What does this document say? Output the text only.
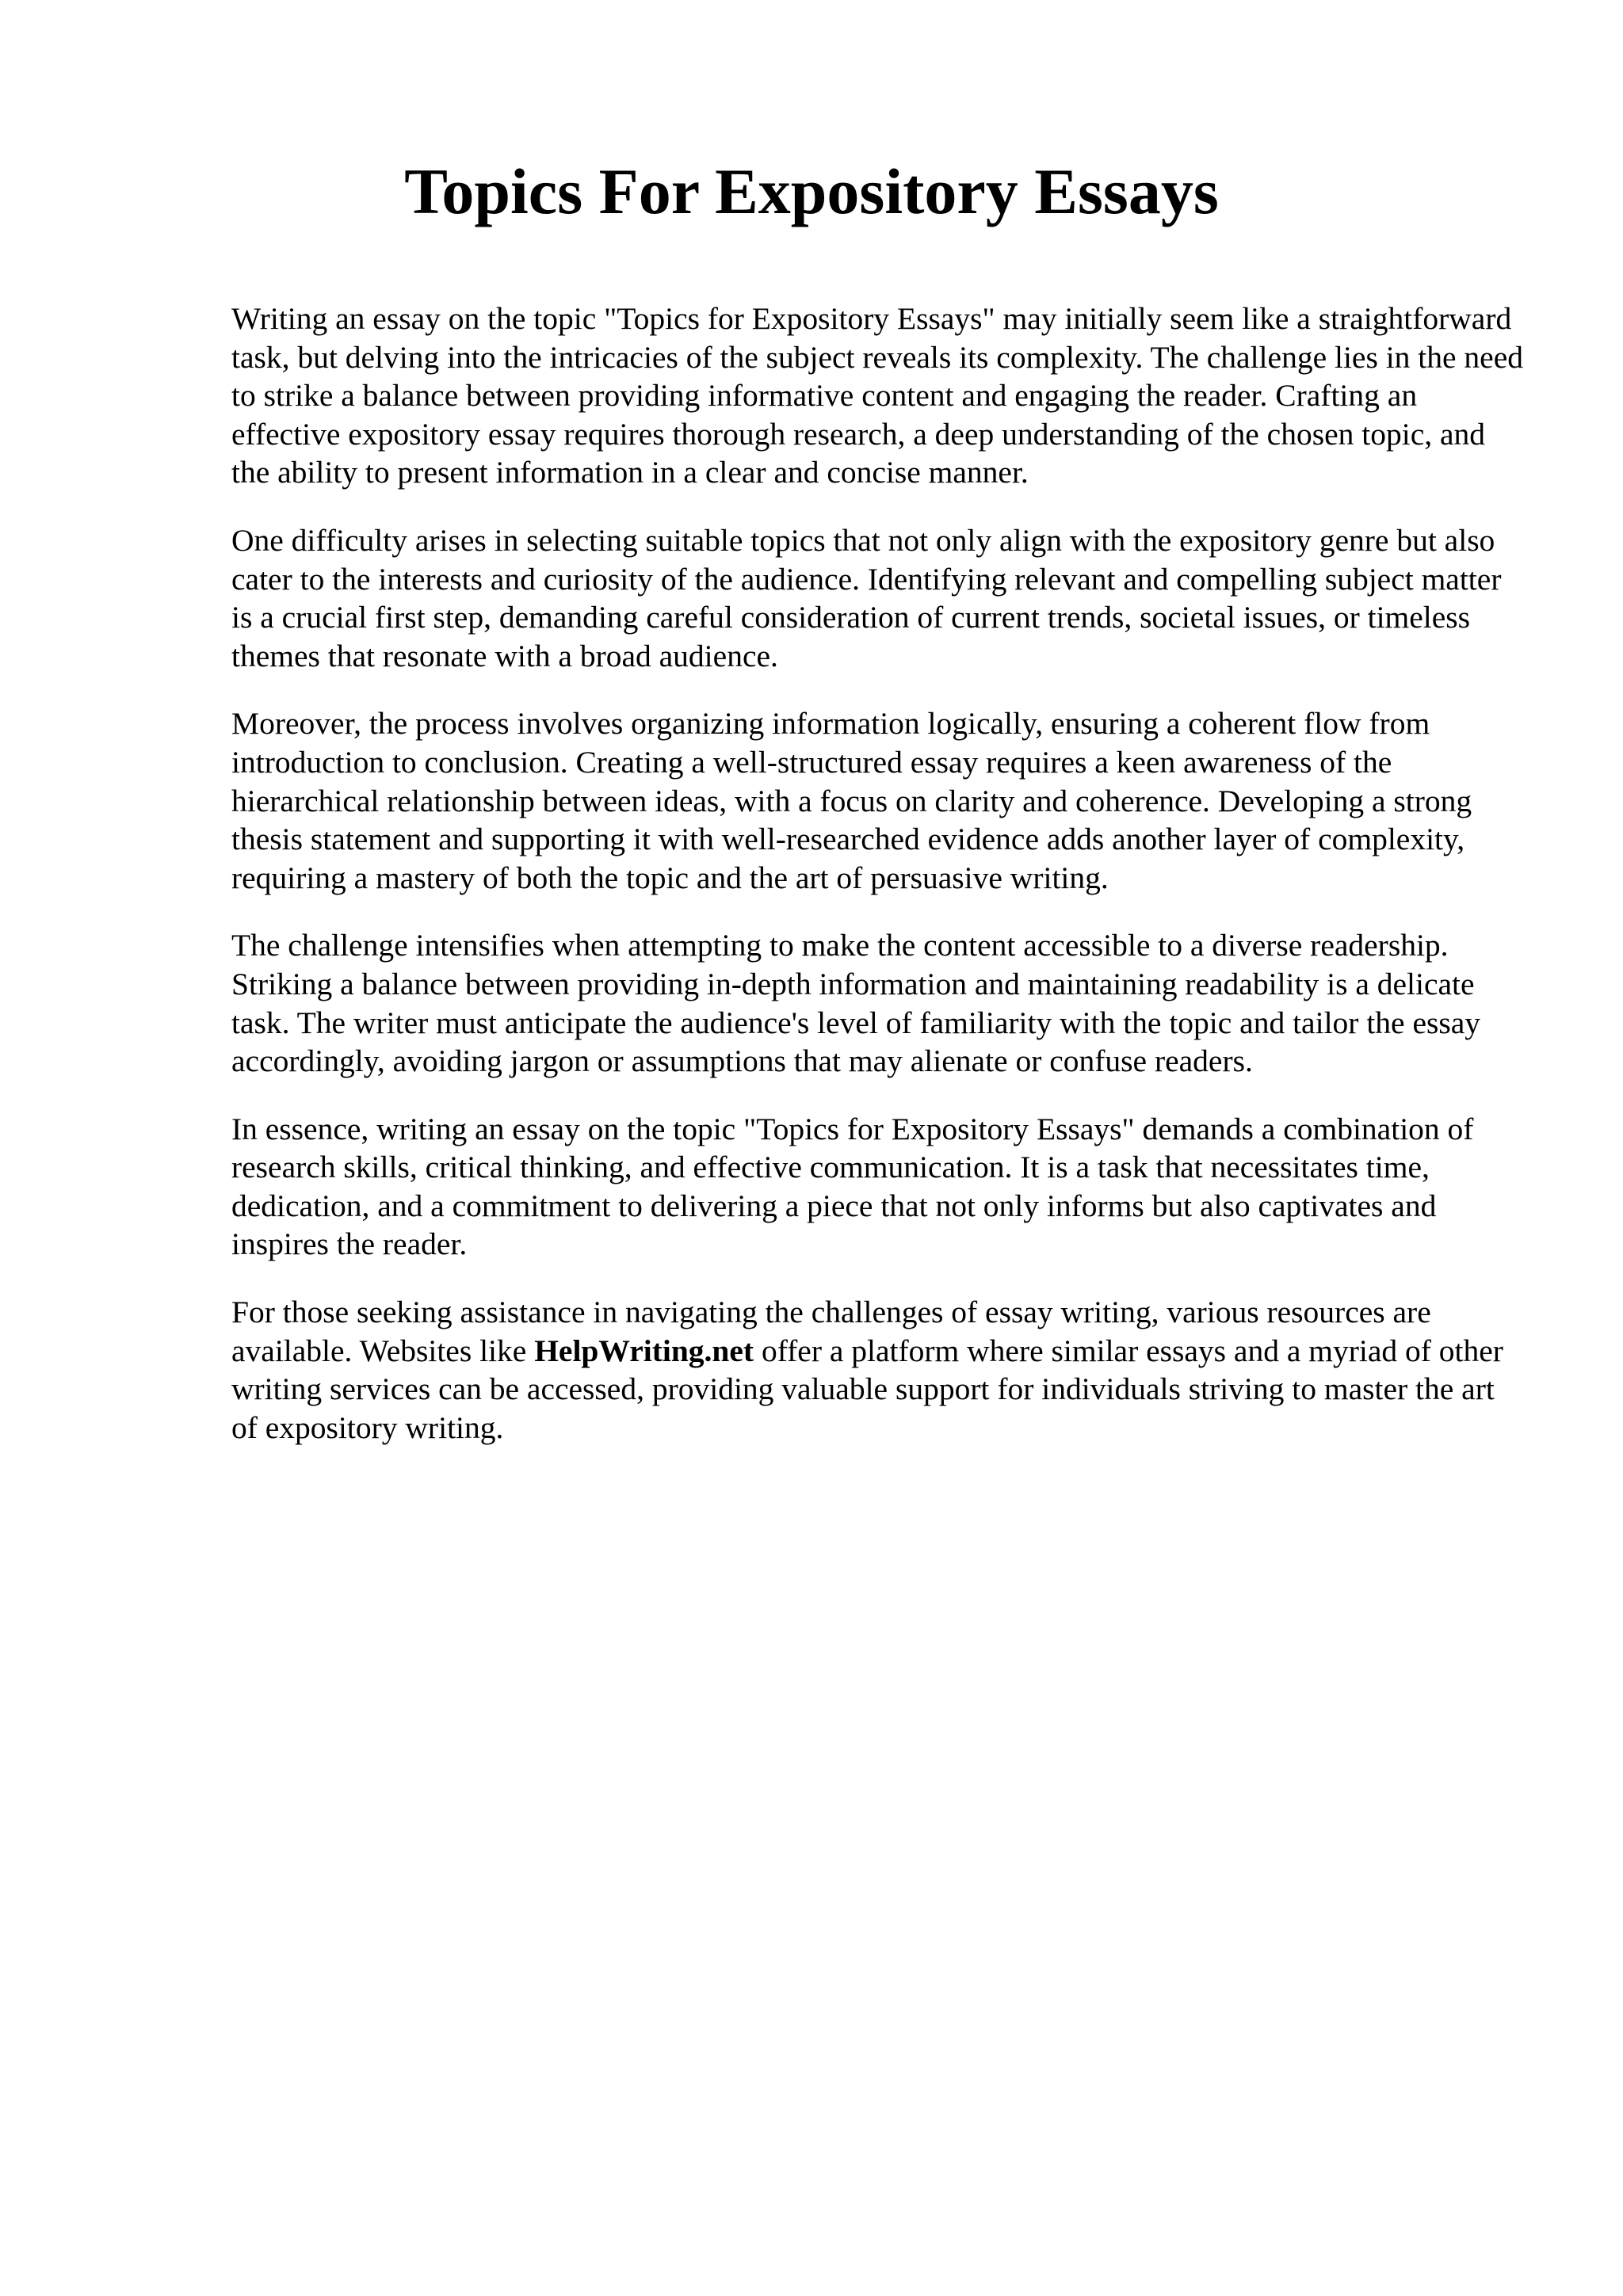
Topics For Expository Essays

Writing an essay on the topic "Topics for Expository Essays" may initially seem like a straightforward task, but delving into the intricacies of the subject reveals its complexity. The challenge lies in the need to strike a balance between providing informative content and engaging the reader. Crafting an effective expository essay requires thorough research, a deep understanding of the chosen topic, and the ability to present information in a clear and concise manner.

One difficulty arises in selecting suitable topics that not only align with the expository genre but also cater to the interests and curiosity of the audience. Identifying relevant and compelling subject matter is a crucial first step, demanding careful consideration of current trends, societal issues, or timeless themes that resonate with a broad audience.

Moreover, the process involves organizing information logically, ensuring a coherent flow from introduction to conclusion. Creating a well-structured essay requires a keen awareness of the hierarchical relationship between ideas, with a focus on clarity and coherence. Developing a strong thesis statement and supporting it with well-researched evidence adds another layer of complexity, requiring a mastery of both the topic and the art of persuasive writing.

The challenge intensifies when attempting to make the content accessible to a diverse readership. Striking a balance between providing in-depth information and maintaining readability is a delicate task. The writer must anticipate the audience's level of familiarity with the topic and tailor the essay accordingly, avoiding jargon or assumptions that may alienate or confuse readers.

In essence, writing an essay on the topic "Topics for Expository Essays" demands a combination of research skills, critical thinking, and effective communication. It is a task that necessitates time, dedication, and a commitment to delivering a piece that not only informs but also captivates and inspires the reader.

For those seeking assistance in navigating the challenges of essay writing, various resources are available. Websites like HelpWriting.net offer a platform where similar essays and a myriad of other writing services can be accessed, providing valuable support for individuals striving to master the art of expository writing.
